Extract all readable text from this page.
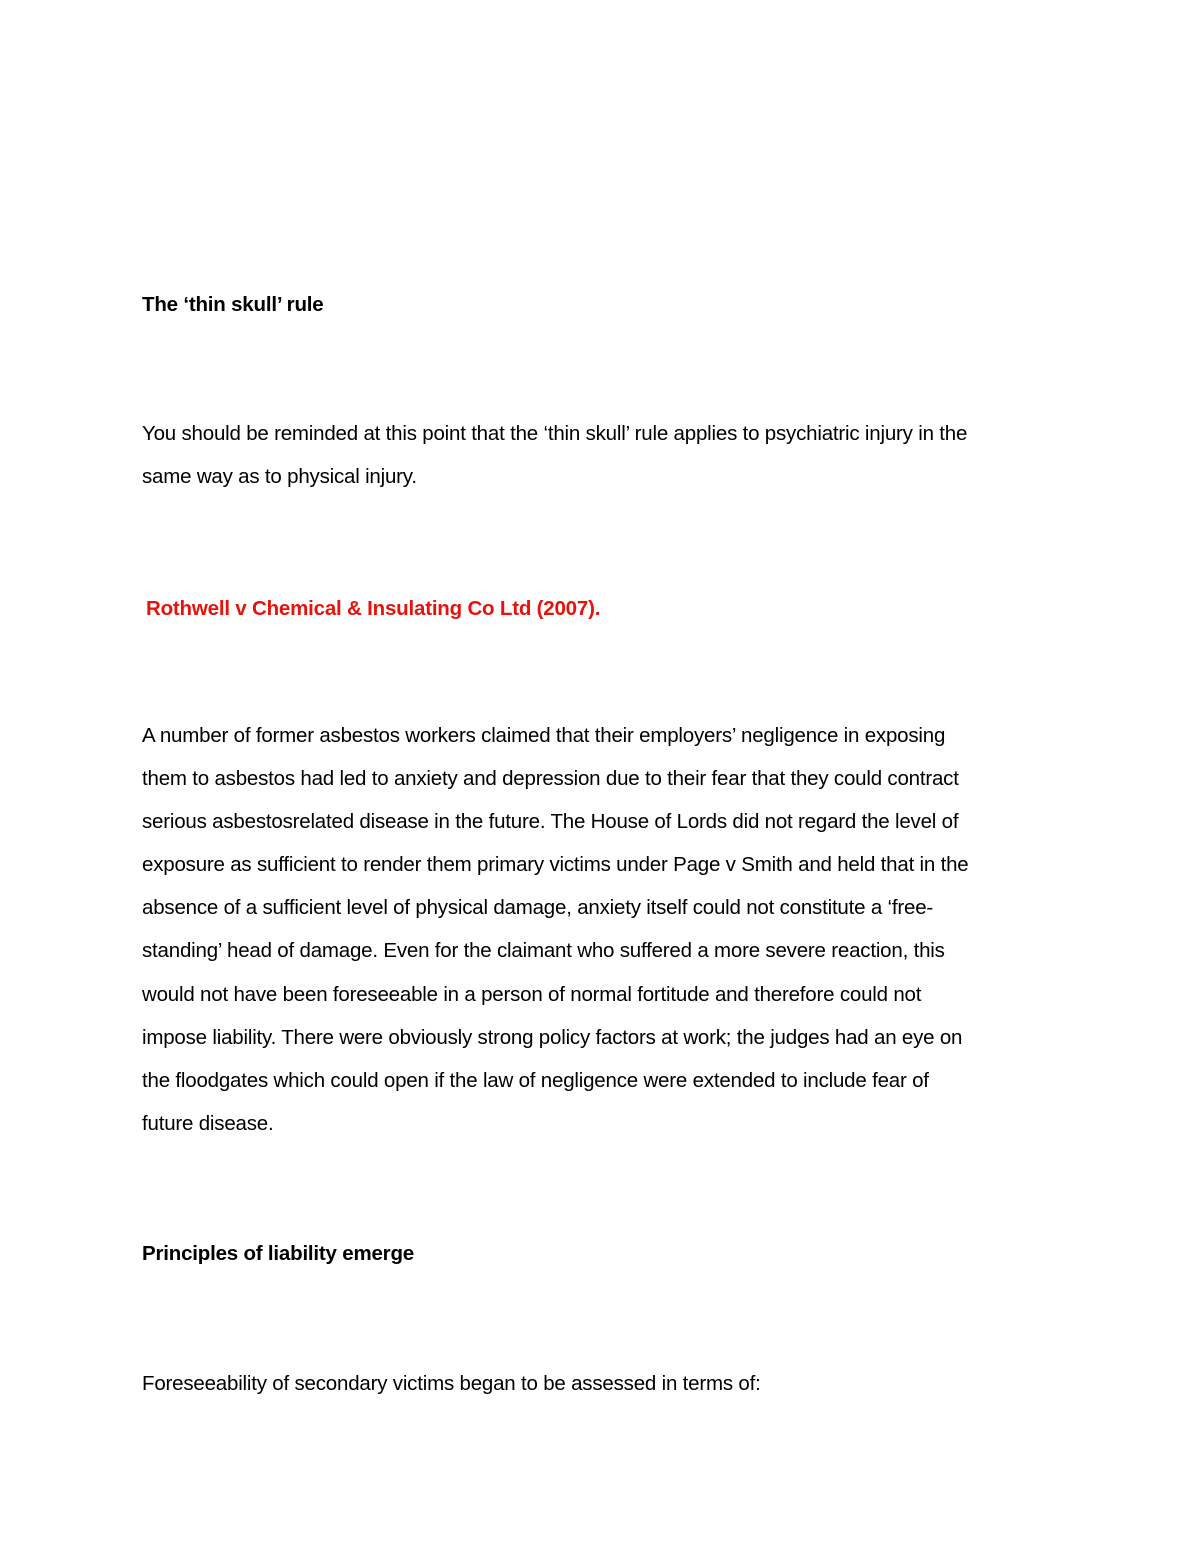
The ‘thin skull’ rule

You should be reminded at this point that the ‘thin skull’ rule applies to psychiatric injury in the
same way as to physical injury.

Rothwell v Chemical & Insulating Co Ltd (2007).

A number of former asbestos workers claimed that their employers’ negligence in exposing
them to asbestos had led to anxiety and depression due to their fear that they could contract
serious asbestosrelated disease in the future. The House of Lords did not regard the level of
exposure as sufficient to render them primary victims under Page v Smith and held that in the
absence of a sufficient level of physical damage, anxiety itself could not constitute a ‘free-
standing’ head of damage. Even for the claimant who suffered a more severe reaction, this
would not have been foreseeable in a person of normal fortitude and therefore could not
impose liability. There were obviously strong policy factors at work; the judges had an eye on
the floodgates which could open if the law of negligence were extended to include fear of
future disease.

Principles of liability emerge

Foreseeability of secondary victims began to be assessed in terms of:
